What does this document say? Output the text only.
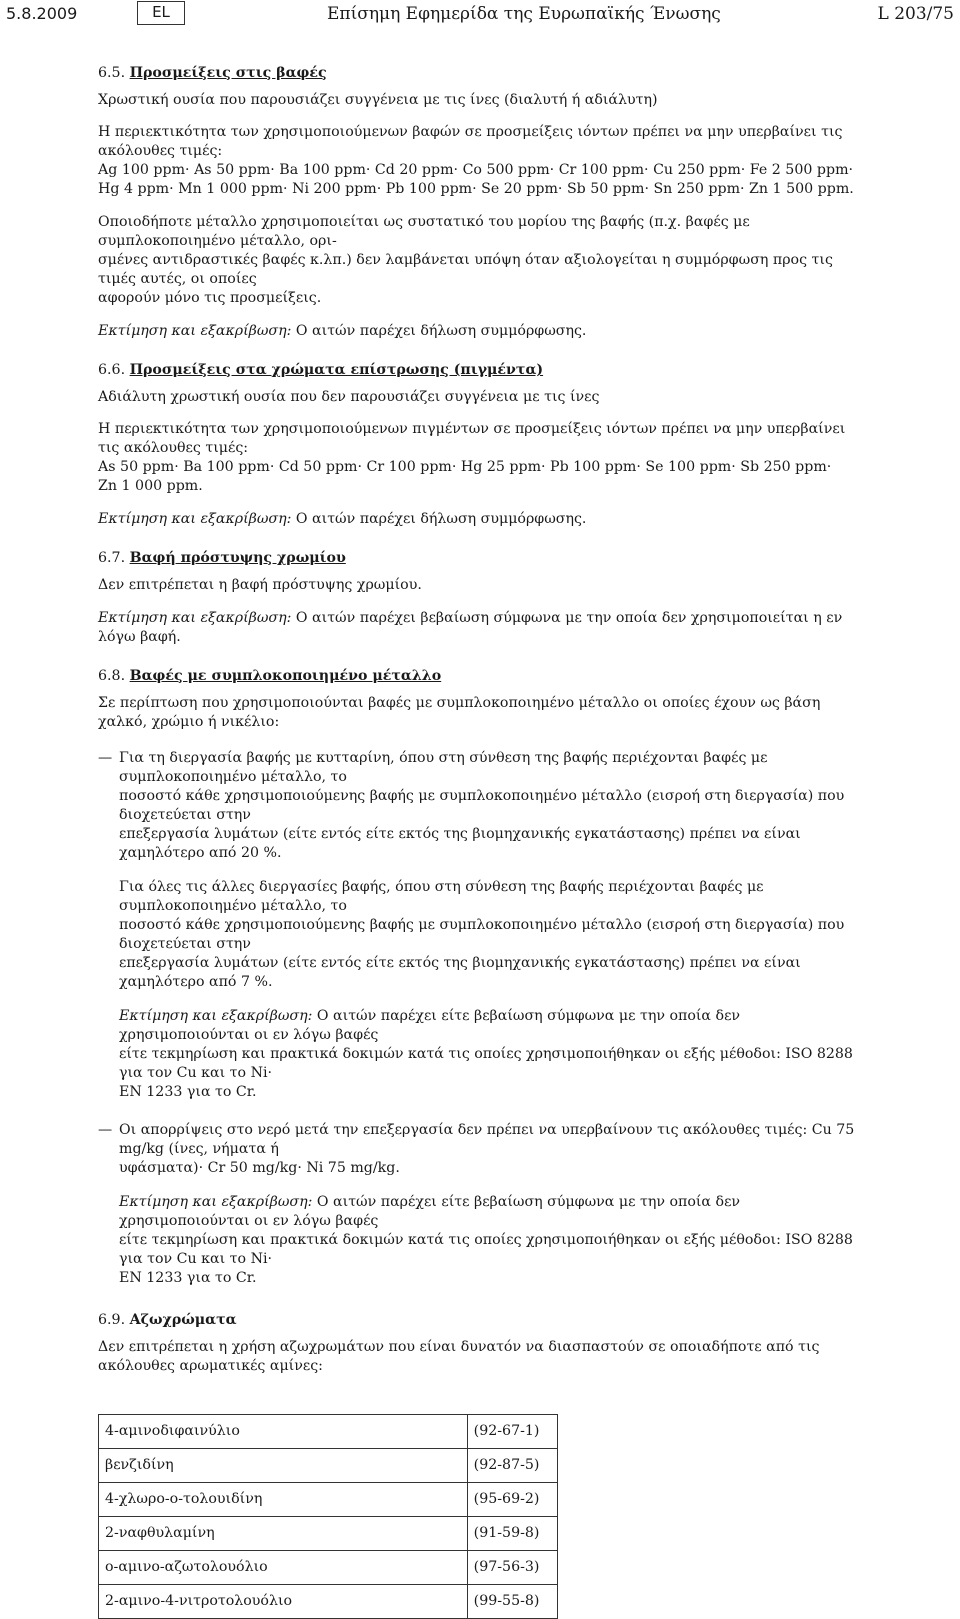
5.8.2009	EL	Επίσημη Εφημερίδα της Ευρωπαϊκής Ένωσης	L 203/75

6.5. Προσμείξεις στις βαφές

Χρωστική ουσία που παρουσιάζει συγγένεια με τις ίνες (διαλυτή ή αδιάλυτη)

Η περιεκτικότητα των χρησιμοποιούμενων βαφών σε προσμείξεις ιόντων πρέπει να μην υπερβαίνει τις ακόλουθες τιμές:

Ag 100 ppm· As 50 ppm· Ba 100 ppm· Cd 20 ppm· Co 500 ppm· Cr 100 ppm· Cu 250 ppm· Fe 2 500 ppm·

Hg 4 ppm· Mn 1 000 ppm· Ni 200 ppm· Pb 100 ppm· Se 20 ppm· Sb 50 ppm· Sn 250 ppm· Zn 1 500 ppm.

Οποιοδήποτε μέταλλο χρησιμοποιείται ως συστατικό του μορίου της βαφής (π.χ. βαφές με συμπλοκοποιημένο μέταλλο, ορι-

σμένες αντιδραστικές βαφές κ.λπ.) δεν λαμβάνεται υπόψη όταν αξιολογείται η συμμόρφωση προς τις τιμές αυτές, οι οποίες

αφορούν μόνο τις προσμείξεις.

Εκτίμηση και εξακρίβωση: Ο αιτών παρέχει δήλωση συμμόρφωσης.

6.6. Προσμείξεις στα χρώματα επίστρωσης (πιγμέντα)

Αδιάλυτη χρωστική ουσία που δεν παρουσιάζει συγγένεια με τις ίνες

Η περιεκτικότητα των χρησιμοποιούμενων πιγμέντων σε προσμείξεις ιόντων πρέπει να μην υπερβαίνει τις ακόλουθες τιμές:

As 50 ppm· Ba 100 ppm· Cd 50 ppm· Cr 100 ppm· Hg 25 ppm· Pb 100 ppm· Se 100 ppm· Sb 250 ppm·

Zn 1 000 ppm.

Εκτίμηση και εξακρίβωση: Ο αιτών παρέχει δήλωση συμμόρφωσης.

6.7. Βαφή πρόστυψης χρωμίου

Δεν επιτρέπεται η βαφή πρόστυψης χρωμίου.

Εκτίμηση και εξακρίβωση: Ο αιτών παρέχει βεβαίωση σύμφωνα με την οποία δεν χρησιμοποιείται η εν λόγω βαφή.

6.8. Βαφές με συμπλοκοποιημένο μέταλλο

Σε περίπτωση που χρησιμοποιούνται βαφές με συμπλοκοποιημένο μέταλλο οι οποίες έχουν ως βάση χαλκό, χρώμιο ή νικέλιο:

— Για τη διεργασία βαφής με κυτταρίνη, όπου στη σύνθεση της βαφής περιέχονται βαφές με συμπλοκοποιημένο μέταλλο, το

ποσοστό κάθε χρησιμοποιούμενης βαφής με συμπλοκοποιημένο μέταλλο (εισροή στη διεργασία) που διοχετεύεται στην

επεξεργασία λυμάτων (είτε εντός είτε εκτός της βιομηχανικής εγκατάστασης) πρέπει να είναι χαμηλότερο από 20 %.

Για όλες τις άλλες διεργασίες βαφής, όπου στη σύνθεση της βαφής περιέχονται βαφές με συμπλοκοποιημένο μέταλλο, το

ποσοστό κάθε χρησιμοποιούμενης βαφής με συμπλοκοποιημένο μέταλλο (εισροή στη διεργασία) που διοχετεύεται στην

επεξεργασία λυμάτων (είτε εντός είτε εκτός της βιομηχανικής εγκατάστασης) πρέπει να είναι χαμηλότερο από 7 %.

Εκτίμηση και εξακρίβωση: Ο αιτών παρέχει είτε βεβαίωση σύμφωνα με την οποία δεν χρησιμοποιούνται οι εν λόγω βαφές

είτε τεκμηρίωση και πρακτικά δοκιμών κατά τις οποίες χρησιμοποιήθηκαν οι εξής μέθοδοι: ISO 8288 για τον Cu και τo Ni·

EN 1233 για το Cr.

— Οι απορρίψεις στο νερό μετά την επεξεργασία δεν πρέπει να υπερβαίνουν τις ακόλουθες τιμές: Cu 75 mg/kg (ίνες, νήματα ή

υφάσματα)· Cr 50 mg/kg· Ni 75 mg/kg.

Εκτίμηση και εξακρίβωση: Ο αιτών παρέχει είτε βεβαίωση σύμφωνα με την οποία δεν χρησιμοποιούνται οι εν λόγω βαφές

είτε τεκμηρίωση και πρακτικά δοκιμών κατά τις οποίες χρησιμοποιήθηκαν οι εξής μέθοδοι: ISO 8288 για τον Cu και τo Ni·

EN 1233 για το Cr.

6.9. Αζωχρώματα

Δεν επιτρέπεται η χρήση αζωχρωμάτων που είναι δυνατόν να διασπαστούν σε οποιαδήποτε από τις ακόλουθες αρωματικές αμίνες:

4-αμινοδιφαινύλιο	(92-67-1)
βενζιδίνη	(92-87-5)
4-χλωρο-ο-τολουιδίνη	(95-69-2)
2-ναφθυλαμίνη	(91-59-8)
ο-αμινο-αζωτολουόλιο	(97-56-3)
2-αμινο-4-νιτροτολουόλιο	(99-55-8)
